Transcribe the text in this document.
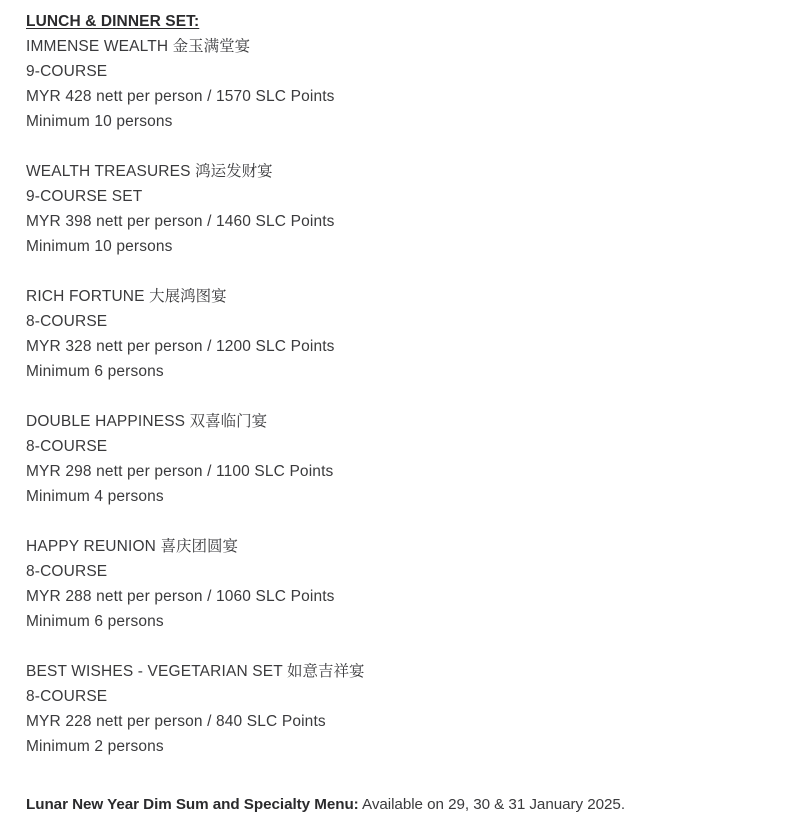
LUNCH & DINNER SET:
IMMENSE WEALTH 金玉满堂宴
9-COURSE
MYR 428 nett per person / 1570 SLC Points
Minimum 10 persons
WEALTH TREASURES 鸿运发财宴
9-COURSE SET
MYR 398 nett per person / 1460 SLC Points
Minimum 10 persons
RICH FORTUNE 大展鸿图宴
8-COURSE
MYR 328 nett per person / 1200 SLC Points
Minimum 6 persons
DOUBLE HAPPINESS 双喜临门宴
8-COURSE
MYR 298 nett per person / 1100 SLC Points
Minimum 4 persons
HAPPY REUNION 喜庆团圆宴
8-COURSE
MYR 288 nett per person / 1060 SLC Points
Minimum 6 persons
BEST WISHES - VEGETARIAN SET 如意吉祥宴
8-COURSE
MYR 228 nett per person / 840 SLC Points
Minimum 2 persons
Lunar New Year Dim Sum and Specialty Menu: Available on 29, 30 & 31 January 2025.
